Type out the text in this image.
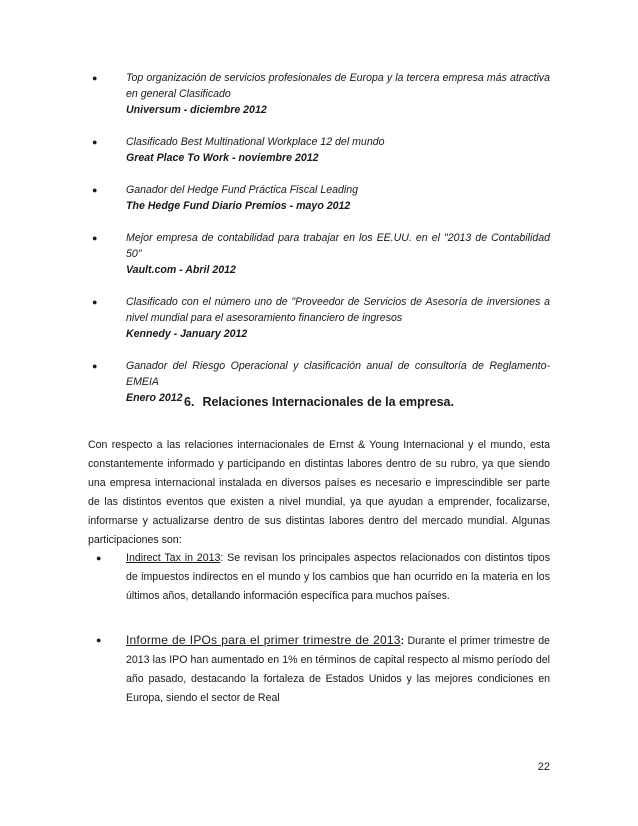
●	Top organización de servicios profesionales de Europa y la tercera empresa más atractiva en general Clasificado
Universum - diciembre 2012
●	Clasificado Best Multinational Workplace 12 del mundo
Great Place To Work - noviembre 2012
●	Ganador del Hedge Fund Práctica Fiscal Leading
The Hedge Fund Diario Premios - mayo 2012
●	Mejor empresa de contabilidad para trabajar en los EE.UU. en el "2013 de Contabilidad 50"
Vault.com - Abril 2012
●	Clasificado con el número uno de "Proveedor de Servicios de Asesoría de inversiones a nivel mundial para el asesoramiento financiero de ingresos
Kennedy - January 2012
●	Ganador del Riesgo Operacional y clasificación anual de consultoría de Reglamento-EMEIA
Enero 2012 6. Relaciones Internacionales de la empresa.

Con respecto a las relaciones internacionales de Ernst & Young Internacional y el mundo, esta constantemente informado y participando en distintas labores dentro de su rubro, ya que siendo una empresa internacional instalada en diversos países es necesario e imprescindible ser parte de las distintos eventos que existen a nivel mundial, ya que ayudan a emprender, focalizarse, informarse y actualizarse dentro de sus distintas labores dentro del mercado mundial. Algunas participaciones son:

● Indirect Tax in 2013: Se revisan los principales aspectos relacionados con distintos tipos de impuestos indirectos en el mundo y los cambios que han ocurrido en la materia en los últimos años, detallando información específica para muchos países.
● Informe de IPOs para el primer trimestre de 2013: Durante el primer trimestre de 2013 las IPO han aumentado en 1% en términos de capital respecto al mismo período del año pasado, destacando la fortaleza de Estados Unidos y las mejores condiciones en Europa, siendo el sector de Real

22
